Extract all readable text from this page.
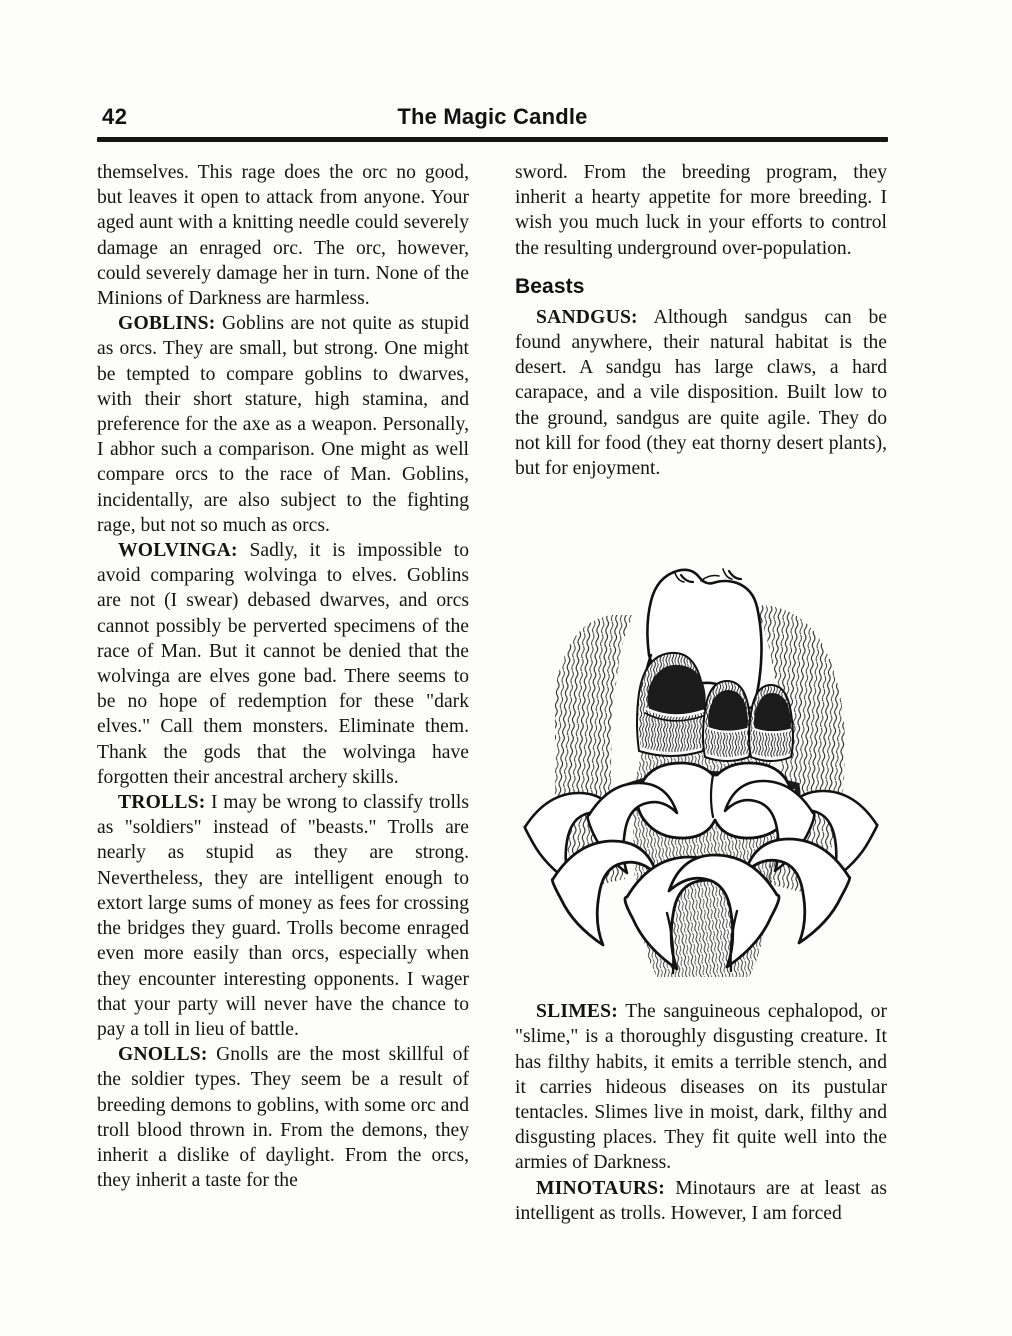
42	The Magic Candle

themselves. This rage does the orc no good, but leaves it open to attack from anyone. Your aged aunt with a knitting needle could severely damage an enraged orc. The orc, however, could severely damage her in turn. None of the Minions of Darkness are harmless.

GOBLINS: Goblins are not quite as stupid as orcs. They are small, but strong. One might be tempted to compare goblins to dwarves, with their short stature, high stamina, and preference for the axe as a weapon. Personally, I abhor such a comparison. One might as well compare orcs to the race of Man. Goblins, incidentally, are also subject to the fighting rage, but not so much as orcs.

WOLVINGA: Sadly, it is impossible to avoid comparing wolvinga to elves. Goblins are not (I swear) debased dwarves, and orcs cannot possibly be perverted specimens of the race of Man. But it cannot be denied that the wolvinga are elves gone bad. There seems to be no hope of redemption for these "dark elves." Call them monsters. Eliminate them. Thank the gods that the wolvinga have forgotten their ancestral archery skills.

TROLLS: I may be wrong to classify trolls as "soldiers" instead of "beasts." Trolls are nearly as stupid as they are strong. Nevertheless, they are intelligent enough to extort large sums of money as fees for crossing the bridges they guard. Trolls become enraged even more easily than orcs, especially when they encounter interesting opponents. I wager that your party will never have the chance to pay a toll in lieu of battle.

GNOLLS: Gnolls are the most skillful of the soldier types. They seem be a result of breeding demons to goblins, with some orc and troll blood thrown in. From the demons, they inherit a dislike of daylight. From the orcs, they inherit a taste for the

sword. From the breeding program, they inherit a hearty appetite for more breeding. I wish you much luck in your efforts to control the resulting underground over-population.

Beasts

SANDGUS: Although sandgus can be found anywhere, their natural habitat is the desert. A sandgu has large claws, a hard carapace, and a vile disposition. Built low to the ground, sandgus are quite agile. They do not kill for food (they eat thorny desert plants), but for enjoyment.

SLIMES: The sanguineous cephalopod, or "slime," is a thoroughly disgusting creature. It has filthy habits, it emits a terrible stench, and it carries hideous diseases on its pustular tentacles. Slimes live in moist, dark, filthy and disgusting places. They fit quite well into the armies of Darkness.

MINOTAURS: Minotaurs are at least as intelligent as trolls. However, I am forced
